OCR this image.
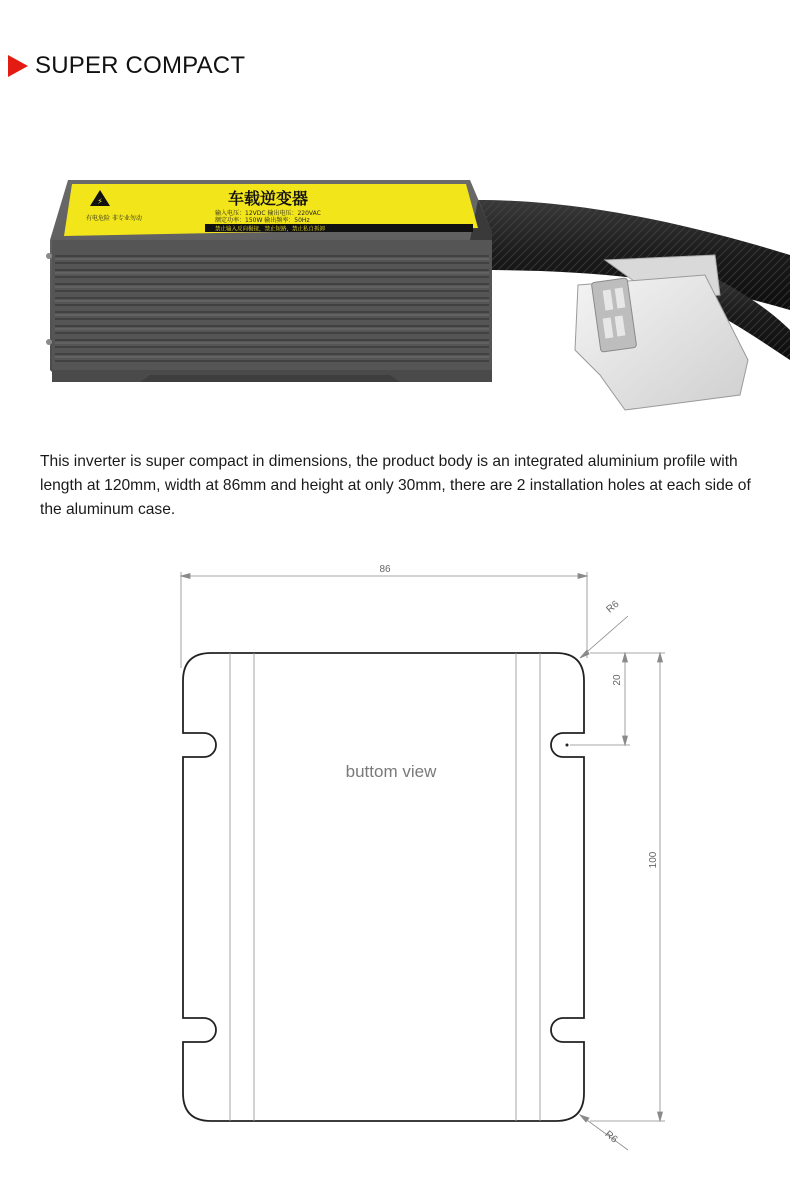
SUPER COMPACT
⚡	车载逆变器
输入电压：12VDC 输出电压：220VAC
额定功率：150W 输出频率：50Hz
禁止输入反向极接，禁止短路，禁止私自拆卸
有电危险 非专业勿动

This inverter is super compact in dimensions, the product body is an integrated aluminium profile with length at 120mm, width at 86mm and height at only 30mm, there are 2 installation holes at each side of the aluminum case.

86
R6
20
100
R6
buttom view
